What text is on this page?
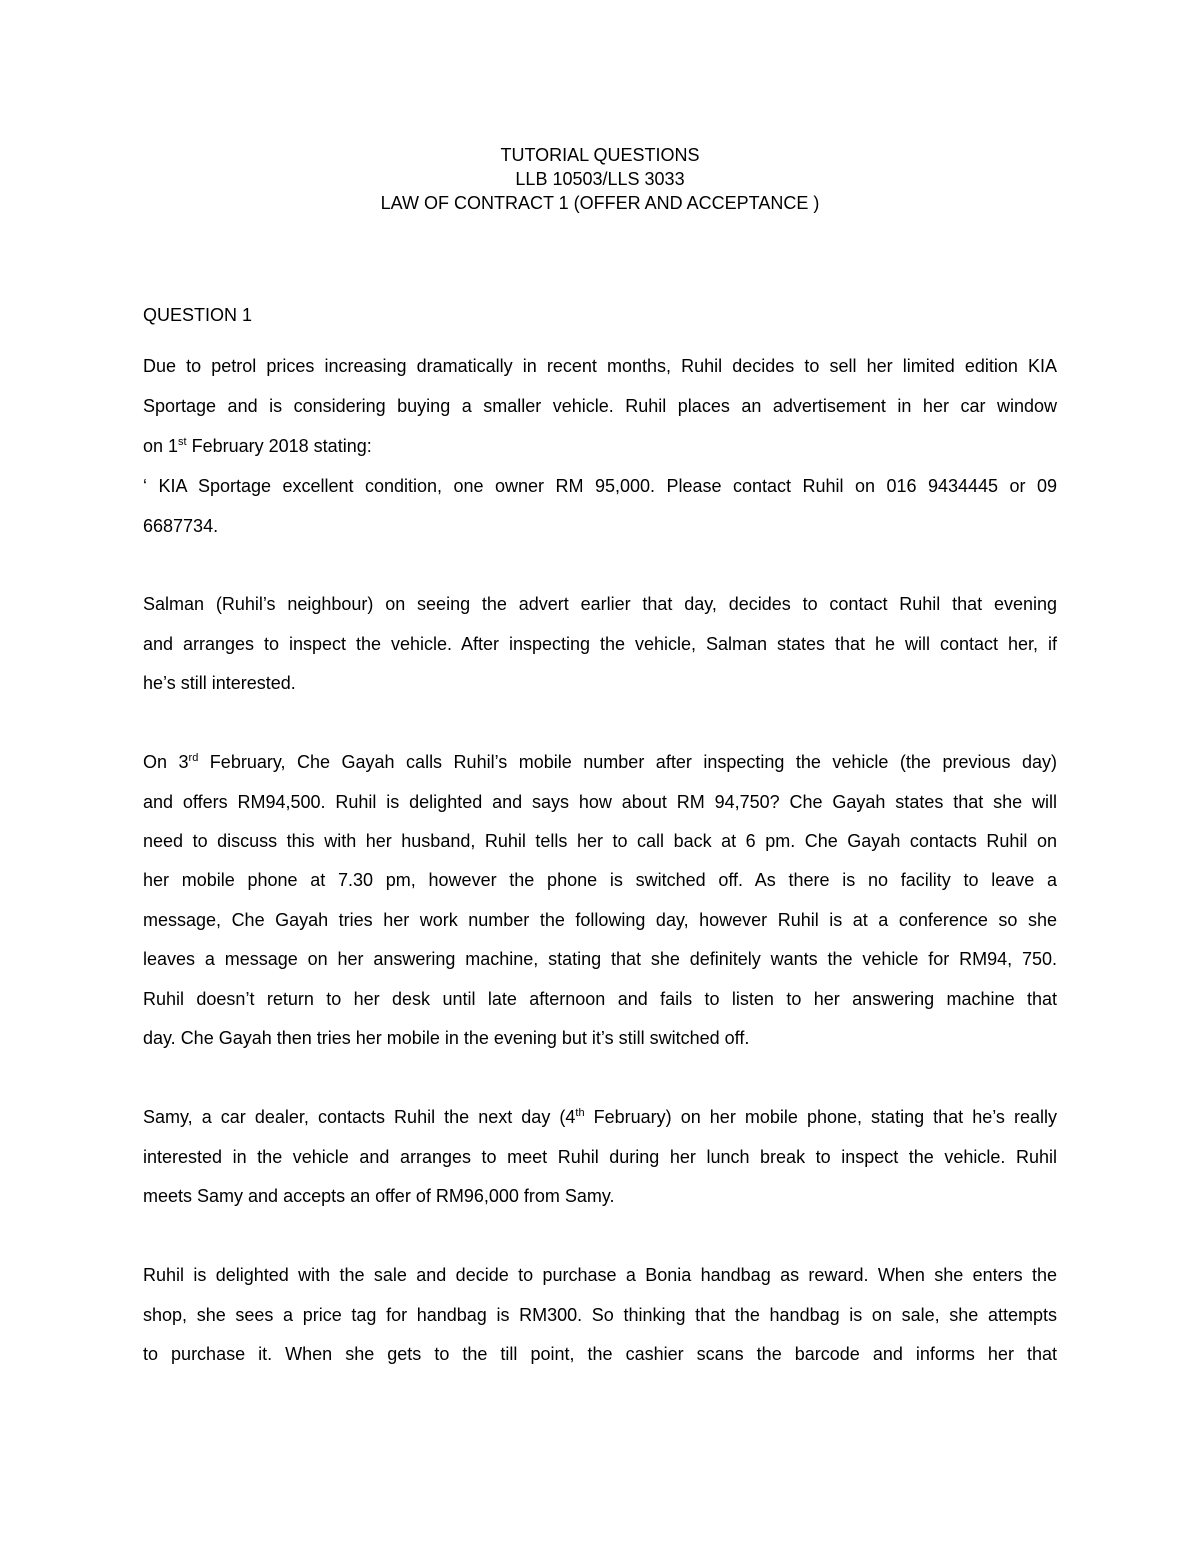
TUTORIAL QUESTIONS
LLB 10503/LLS 3033
LAW OF CONTRACT 1 (OFFER AND ACCEPTANCE )
QUESTION 1
Due to petrol prices increasing dramatically in recent months, Ruhil decides to sell her limited edition KIA
Sportage and is considering buying a smaller vehicle. Ruhil places an advertisement in her car window
on 1st February 2018 stating:
‘ KIA Sportage excellent condition, one owner RM 95,000. Please contact Ruhil on 016 9434445 or 09
6687734.
Salman (Ruhil’s neighbour) on seeing the advert earlier that day, decides to contact Ruhil that evening
and arranges to inspect the vehicle. After inspecting the vehicle, Salman states that he will contact her, if
he’s still interested.
On 3rd February, Che Gayah calls Ruhil’s mobile number after inspecting the vehicle (the previous day)
and offers RM94,500. Ruhil is delighted and says how about RM 94,750? Che Gayah states that she will
need to discuss this with her husband, Ruhil tells her to call back at 6 pm. Che Gayah contacts Ruhil on
her mobile phone at 7.30 pm, however the phone is switched off. As there is no facility to leave a
message, Che Gayah tries her work number the following day, however Ruhil is at a conference so she
leaves a message on her answering machine, stating that she definitely wants the vehicle for RM94, 750.
Ruhil doesn’t return to her desk until late afternoon and fails to listen to her answering machine that
day. Che Gayah then tries her mobile in the evening but it’s still switched off.
Samy, a car dealer, contacts Ruhil the next day (4th February) on her mobile phone, stating that he’s really
interested in the vehicle and arranges to meet Ruhil during her lunch break to inspect the vehicle. Ruhil
meets Samy and accepts an offer of RM96,000 from Samy.
Ruhil is delighted with the sale and decide to purchase a Bonia handbag as reward. When she enters the
shop, she sees a price tag for handbag is RM300. So thinking that the handbag is on sale, she attempts
to purchase it. When she gets to the till point, the cashier scans the barcode and informs her that
